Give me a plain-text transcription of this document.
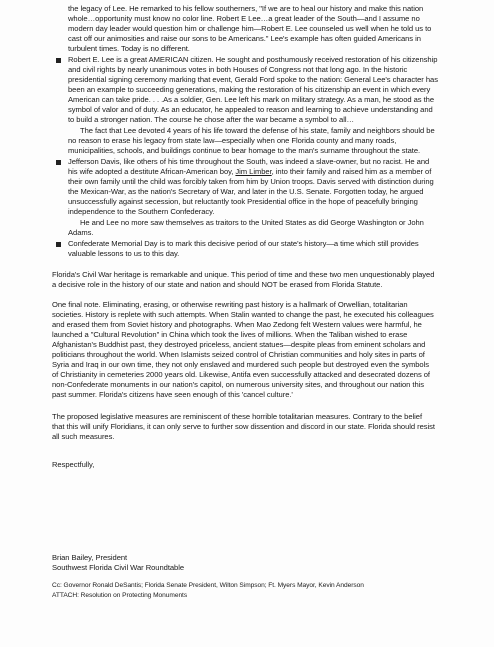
the legacy of Lee. He remarked to his fellow southerners, "If we are to heal our history and make this nation
whole…opportunity must know no color line. Robert E Lee…a great leader of the South—and I assume no
modern day leader would question him or challenge him—Robert E. Lee counseled us well when he told us to
cast off our animosities and raise our sons to be Americans." Lee's example has often guided Americans in
turbulent times. Today is no different.
Robert E. Lee is a great AMERICAN citizen. He sought and posthumously received restoration of his citizenship
and civil rights by nearly unanimous votes in both Houses of Congress not that long ago. In the historic
presidential signing ceremony marking that event, Gerald Ford spoke to the nation: General Lee's character has
been an example to succeeding generations, making the restoration of his citizenship an event in which every
American can take pride. . . .As a soldier, Gen. Lee left his mark on military strategy. As a man, he stood as the
symbol of valor and of duty. As an educator, he appealed to reason and learning to achieve understanding and
to build a stronger nation. The course he chose after the war became a symbol to all…
The fact that Lee devoted 4 years of his life toward the defense of his state, family and neighbors should be
no reason to erase his legacy from state law—especially when one Florida county and many roads,
municipalities, schools, and buildings continue to bear homage to the man's surname throughout the state.
Jefferson Davis, like others of his time throughout the South, was indeed a slave-owner, but no racist. He and
his wife adopted a destitute African-American boy, Jim Limber, into their family and raised him as a member of
their own family until the child was forcibly taken from him by Union troops. Davis served with distinction during
the Mexican-War, as the nation's Secretary of War, and later in the U.S. Senate. Forgotten today, he argued
unsuccessfully against secession, but reluctantly took Presidential office in the hope of peacefully bringing
independence to the Southern Confederacy.
He and Lee no more saw themselves as traitors to the United States as did George Washington or John
Adams.
Confederate Memorial Day is to mark this decisive period of our state's history—a time which still provides
valuable lessons to us to this day.
Florida's Civil War heritage is remarkable and unique. This period of time and these two men unquestionably played
a decisive role in the history of our state and nation and should NOT be erased from Florida Statute.
One final note. Eliminating, erasing, or otherwise rewriting past history is a hallmark of Orwellian, totalitarian
societies. History is replete with such attempts. When Stalin wanted to change the past, he executed his colleagues
and erased them from Soviet history and photographs. When Mao Zedong felt Western values were harmful, he
launched a "Cultural Revolution" in China which took the lives of millions. When the Taliban wished to erase
Afghanistan's Buddhist past, they destroyed priceless, ancient statues—despite pleas from eminent scholars and
politicians throughout the world. When Islamists seized control of Christian communities and holy sites in parts of
Syria and Iraq in our own time, they not only enslaved and murdered such people but destroyed even the symbols
of Christianity in cemeteries 2000 years old. Likewise, Antifa even successfully attacked and desecrated dozens of
non-Confederate monuments in our nation's capitol, on numerous university sites, and throughout our nation this
past summer. Florida's citizens have seen enough of this 'cancel culture.'
The proposed legislative measures are reminiscent of these horrible totalitarian measures. Contrary to the belief
that this will unify Floridians, it can only serve to further sow dissention and discord in our state. Florida should resist
all such measures.
Respectfully,
Brian Bailey, President
Southwest Florida Civil War Roundtable
Cc: Governor Ronald DeSantis; Florida Senate President, Wilton Simpson; Ft. Myers Mayor, Kevin Anderson
ATTACH: Resolution on Protecting Monuments
